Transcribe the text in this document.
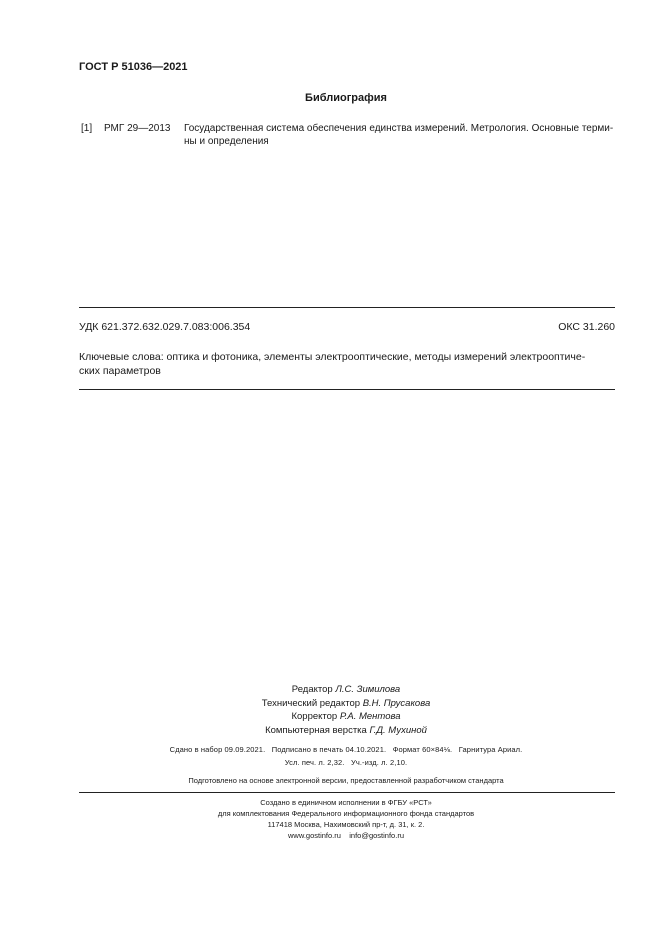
ГОСТ Р 51036—2021
Библиография
[1] РМГ 29—2013 Государственная система обеспечения единства измерений. Метрология. Основные терми-
ны и определения
УДК 621.372.632.029.7.083:006.354	ОКС 31.260
Ключевые слова: оптика и фотоника, элементы электрооптические, методы измерений электрооптиче-
ских параметров
Редактор Л.С. Зимилова
Технический редактор В.Н. Прусакова
Корректор Р.А. Ментова
Компьютерная верстка Г.Д. Мухиной
Сдано в набор 09.09.2021.   Подписано в печать 04.10.2021.   Формат 60×84⅛.   Гарнитура Ариал.
Усл. печ. л. 2,32.   Уч.-изд. л. 2,10.
Подготовлено на основе электронной версии, предоставленной разработчиком стандарта
Создано в единичном исполнении в ФГБУ «РСТ»
для комплектования Федерального информационного фонда стандартов
117418 Москва, Нахимовский пр-т, д. 31, к. 2.
www.gostinfo.ru    info@gostinfo.ru
